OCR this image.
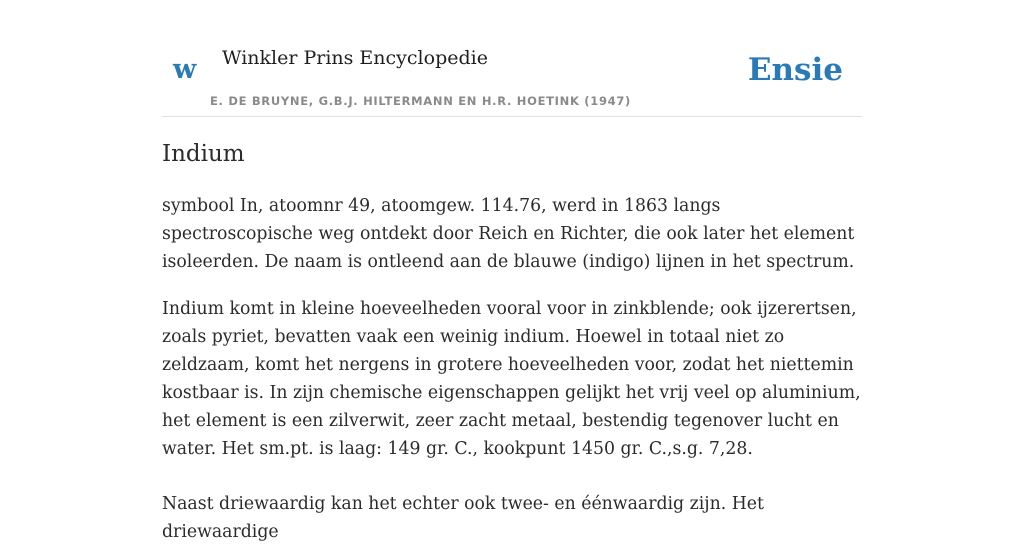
w Winkler Prins Encyclopedie	Ensie
E. DE BRUYNE, G.B.J. HILTERMANN EN H.R. HOETINK (1947)
Indium

symbool In, atoomnr 49, atoomgew. 114.76, werd in 1863 langs spectroscopische weg ontdekt door Reich en Richter, die ook later het element isoleerden. De naam is ontleend aan de blauwe (indigo) lijnen in het spectrum.

Indium komt in kleine hoeveelheden vooral voor in zinkblende; ook ijzerertsen, zoals pyriet, bevatten vaak een weinig indium. Hoewel in totaal niet zo zeldzaam, komt het nergens in grotere hoeveelheden voor, zodat het niettemin kostbaar is. In zijn chemische eigenschappen gelijkt het vrij veel op aluminium, het element is een zilverwit, zeer zacht metaal, bestendig tegenover lucht en water. Het sm.pt. is laag: 149 gr. C., kookpunt 1450 gr. C.,s.g. 7,28.

Naast driewaardig kan het echter ook twee- en éénwaardig zijn. Het driewaardige
